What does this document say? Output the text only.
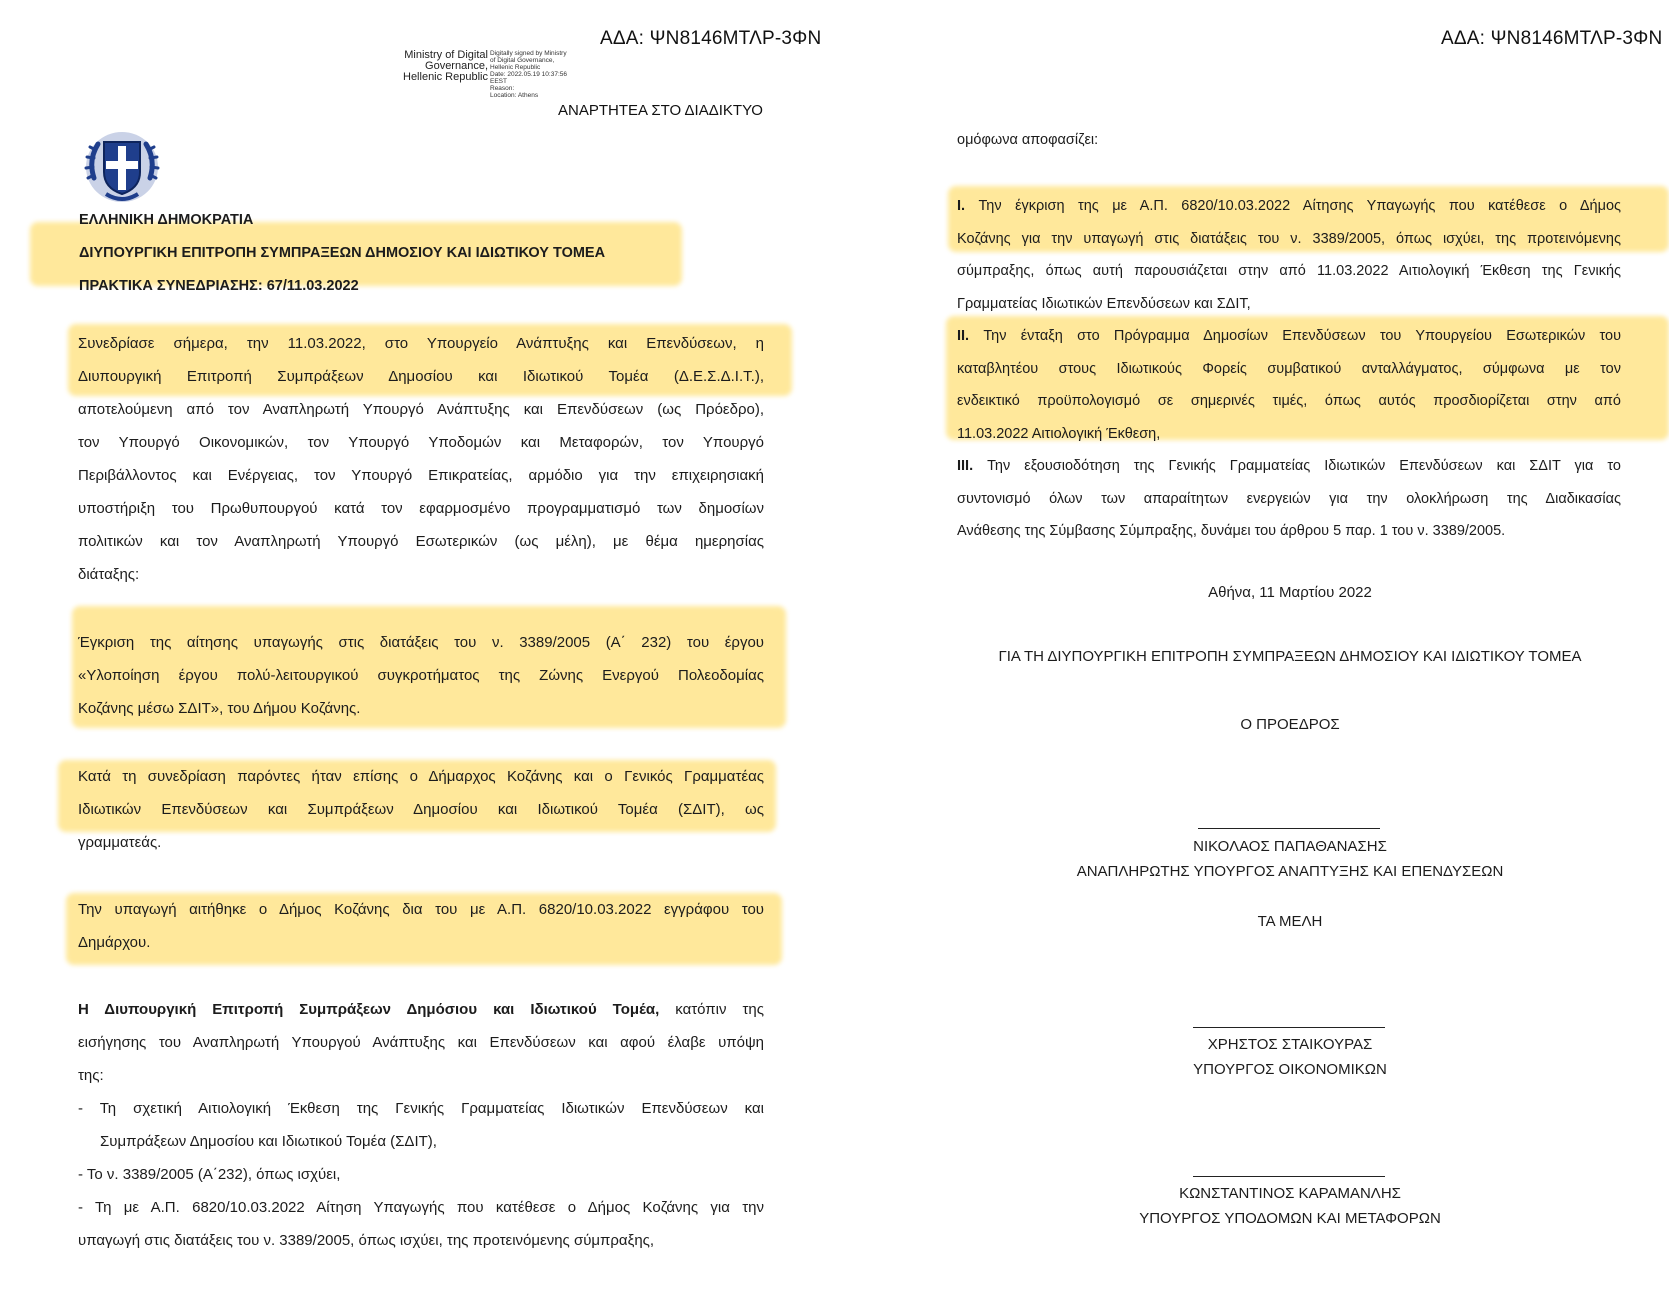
ΑΔΑ: ΨΝ8146ΜΤΛΡ-3ΦΝ
Ministry of Digital
Governance,
Hellenic Republic
Digitally signed by Ministry
of Digital Governance,
Hellenic Republic
Date: 2022.05.19 10:37:56
EEST
Reason:
Location: Athens
ΑΝΑΡΤΗΤΕΑ ΣΤΟ ΔΙΑΔΙΚΤΥΟ
ΕΛΛΗΝΙΚΗ ΔΗΜΟΚΡΑΤΙΑ
ΔΙΥΠΟΥΡΓΙΚΗ ΕΠΙΤΡΟΠΗ ΣΥΜΠΡΑΞΕΩΝ ΔΗΜΟΣΙΟΥ ΚΑΙ ΙΔΙΩΤΙΚΟΥ ΤΟΜΕΑ
ΠΡΑΚΤΙΚΑ ΣΥΝΕΔΡΙΑΣΗΣ: 67/11.03.2022
Συνεδρίασε σήμερα, την 11.03.2022, στο Υπουργείο Ανάπτυξης και Επενδύσεων, η
Διυπουργική Επιτροπή Συμπράξεων Δημοσίου και Ιδιωτικού Τομέα (Δ.Ε.Σ.Δ.Ι.Τ.),
αποτελούμενη από τον Αναπληρωτή Υπουργό Ανάπτυξης και Επενδύσεων (ως Πρόεδρο),
τον Υπουργό Οικονομικών, τον Υπουργό Υποδομών και Μεταφορών, τον Υπουργό
Περιβάλλοντος και Ενέργειας, τον Υπουργό Επικρατείας, αρμόδιο για την επιχειρησιακή
υποστήριξη του Πρωθυπουργού κατά τον εφαρμοσμένο προγραμματισμό των δημοσίων
πολιτικών και τον Αναπληρωτή Υπουργό Εσωτερικών (ως μέλη), με θέμα ημερησίας
διάταξης:
Έγκριση της αίτησης υπαγωγής στις διατάξεις του ν. 3389/2005 (Α΄ 232) του έργου
«Υλοποίηση έργου πολύ-λειτουργικού συγκροτήματος της Ζώνης Ενεργού Πολεοδομίας
Κοζάνης μέσω ΣΔΙΤ», του Δήμου Κοζάνης.
Κατά τη συνεδρίαση παρόντες ήταν επίσης ο Δήμαρχος Κοζάνης και ο Γενικός Γραμματέας
Ιδιωτικών Επενδύσεων και Συμπράξεων Δημοσίου και Ιδιωτικού Τομέα (ΣΔΙΤ), ως
γραμματεάς.
Την υπαγωγή αιτήθηκε ο Δήμος Κοζάνης δια του με Α.Π. 6820/10.03.2022 εγγράφου του
Δημάρχου.
Η Διυπουργική Επιτροπή Συμπράξεων Δημόσιου και Ιδιωτικού Τομέα, κατόπιν της
εισήγησης του Αναπληρωτή Υπουργού Ανάπτυξης και Επενδύσεων και αφού έλαβε υπόψη
της:
- Τη σχετική Αιτιολογική Έκθεση της Γενικής Γραμματείας Ιδιωτικών Επενδύσεων και
Συμπράξεων Δημοσίου και Ιδιωτικού Τομέα (ΣΔΙΤ),
- Το ν. 3389/2005 (Α΄232), όπως ισχύει,
- Τη με Α.Π. 6820/10.03.2022 Αίτηση Υπαγωγής που κατέθεσε ο Δήμος Κοζάνης για την
υπαγωγή στις διατάξεις του ν. 3389/2005, όπως ισχύει, της προτεινόμενης σύμπραξης,
ΑΔΑ: ΨΝ8146ΜΤΛΡ-3ΦΝ
ομόφωνα αποφασίζει:
I. Την έγκριση της με Α.Π. 6820/10.03.2022 Αίτησης Υπαγωγής που κατέθεσε ο Δήμος
Κοζάνης για την υπαγωγή στις διατάξεις του ν. 3389/2005, όπως ισχύει, της προτεινόμενης
σύμπραξης, όπως αυτή παρουσιάζεται στην από 11.03.2022 Αιτιολογική Έκθεση της Γενικής
Γραμματείας Ιδιωτικών Επενδύσεων και ΣΔΙΤ,
II. Την ένταξη στο Πρόγραμμα Δημοσίων Επενδύσεων του Υπουργείου Εσωτερικών του
καταβλητέου στους Ιδιωτικούς Φορείς συμβατικού ανταλλάγματος, σύμφωνα με τον
ενδεικτικό προϋπολογισμό σε σημερινές τιμές, όπως αυτός προσδιορίζεται στην από
11.03.2022 Αιτιολογική Έκθεση,
III. Την εξουσιοδότηση της Γενικής Γραμματείας Ιδιωτικών Επενδύσεων και ΣΔΙΤ για το
συντονισμό όλων των απαραίτητων ενεργειών για την ολοκλήρωση της Διαδικασίας
Ανάθεσης της Σύμβασης Σύμπραξης, δυνάμει του άρθρου 5 παρ. 1 του ν. 3389/2005.
Αθήνα, 11 Μαρτίου 2022
ΓΙΑ ΤΗ ΔΙΥΠΟΥΡΓΙΚΗ ΕΠΙΤΡΟΠΗ ΣΥΜΠΡΑΞΕΩΝ ΔΗΜΟΣΙΟΥ ΚΑΙ ΙΔΙΩΤΙΚΟΥ ΤΟΜΕΑ
Ο ΠΡΟΕΔΡΟΣ
ΝΙΚΟΛΑΟΣ ΠΑΠΑΘΑΝΑΣΗΣ
ΑΝΑΠΛΗΡΩΤΗΣ ΥΠΟΥΡΓΟΣ ΑΝΑΠΤΥΞΗΣ ΚΑΙ ΕΠΕΝΔΥΣΕΩΝ
ΤΑ ΜΕΛΗ
ΧΡΗΣΤΟΣ ΣΤΑΙΚΟΥΡΑΣ
ΥΠΟΥΡΓΟΣ ΟΙΚΟΝΟΜΙΚΩΝ
ΚΩΝΣΤΑΝΤΙΝΟΣ ΚΑΡΑΜΑΝΛΗΣ
ΥΠΟΥΡΓΟΣ ΥΠΟΔΟΜΩΝ ΚΑΙ ΜΕΤΑΦΟΡΩΝ
